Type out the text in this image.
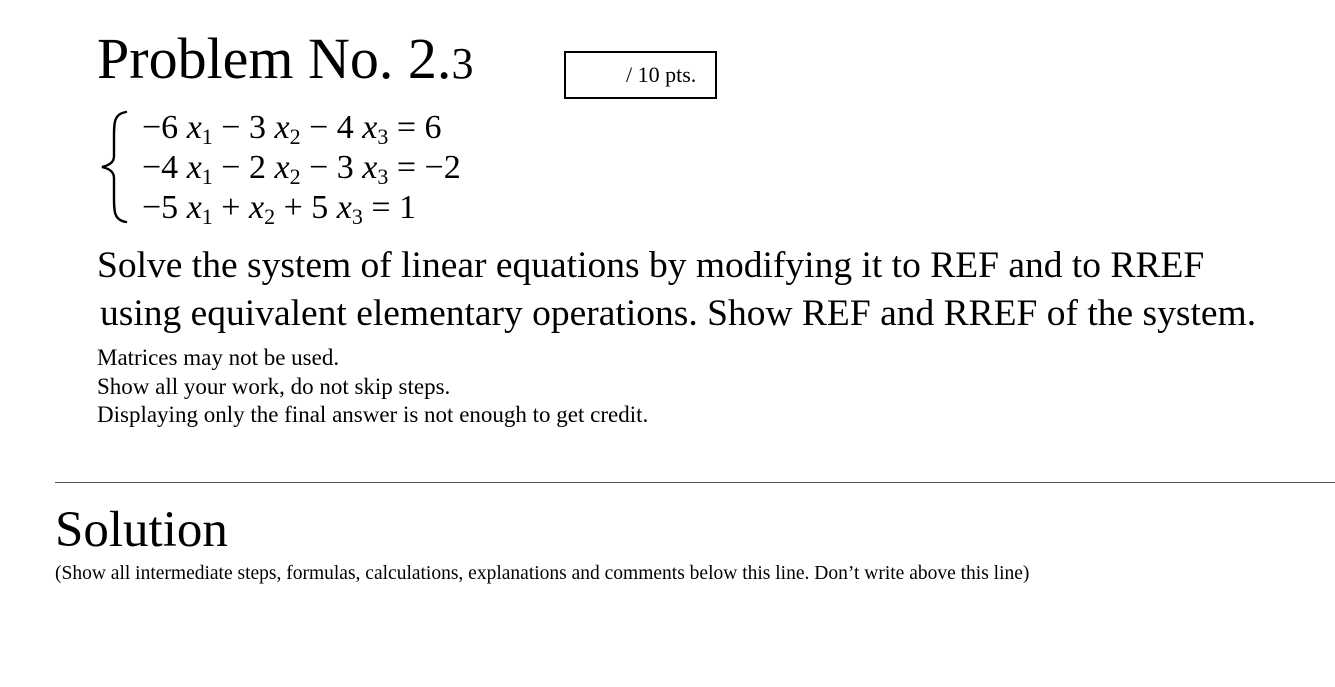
Problem No. 2.3	/ 10 pts.
−6 $x_1 - 3$ $x_2 - 4$ $x_3 = 6$
−4 $x_1 - 2$ $x_2 - 3$ $x_3 = -2$
−5 $x_1 + x_2 + 5$ $x_3 = 1$
Solve the system of linear equations by modifying it to REF and to RREF
using equivalent elementary operations. Show REF and RREF of the system.
Matrices may not be used.
Show all your work, do not skip steps.
Displaying only the final answer is not enough to get credit.
Solution
(Show all intermediate steps, formulas, calculations, explanations and comments below this line. Don’t write above this line)
